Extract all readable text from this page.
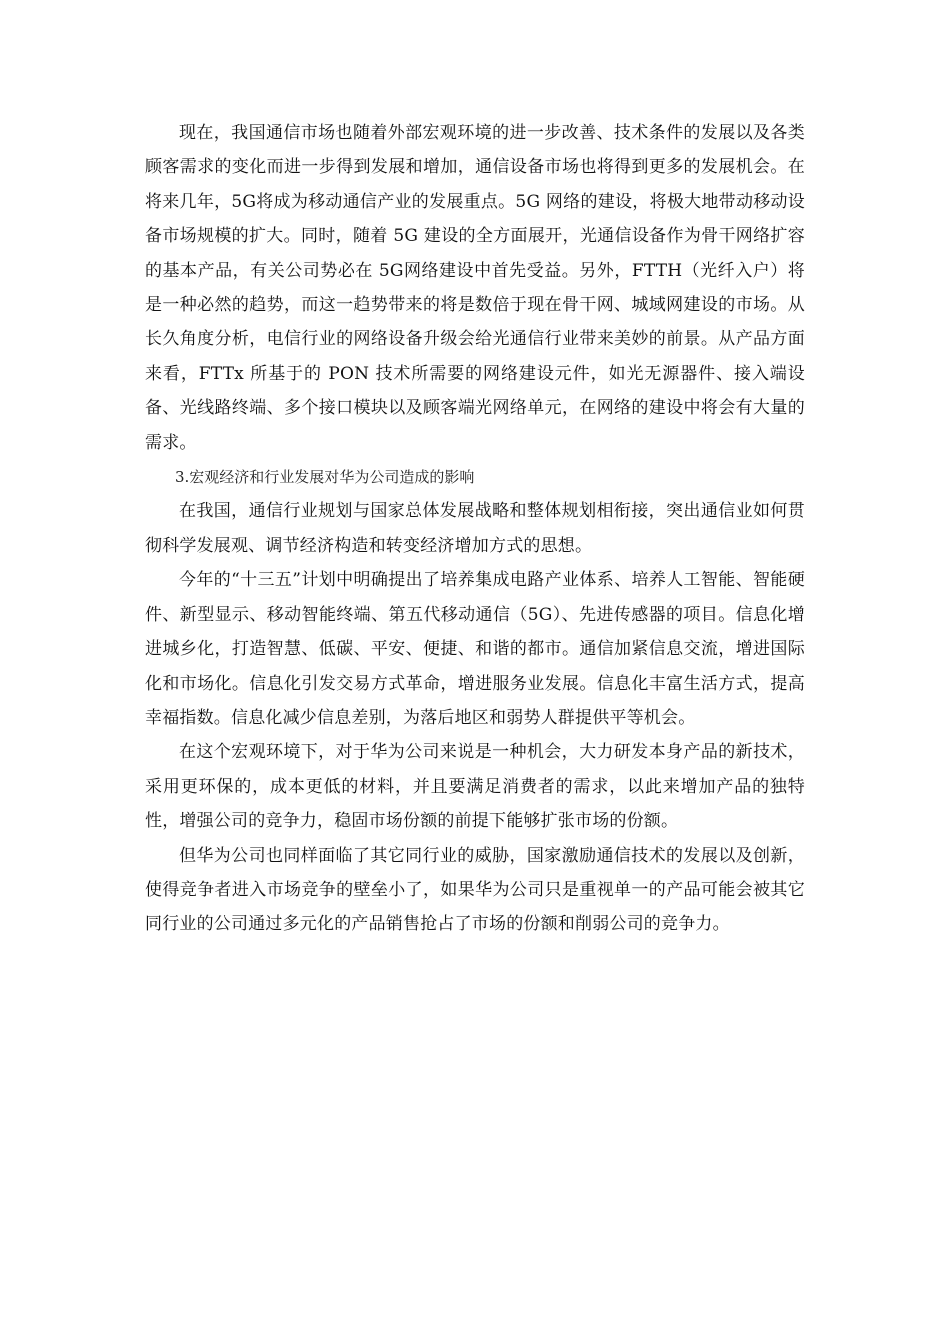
现在，我国通信市场也随着外部宏观环境的进一步改善、技术条件的发展以及各类顾客需求的变化而进一步得到发展和增加，通信设备市场也将得到更多的发展机会。在将来几年，5G将成为移动通信产业的发展重点。5G 网络的建设，将极大地带动移动设备市场规模的扩大。同时，随着 5G 建设的全方面展开，光通信设备作为骨干网络扩容的基本产品，有关公司势必在 5G网络建设中首先受益。另外，FTTH（光纤入户）将是一种必然的趋势，而这一趋势带来的将是数倍于现在骨干网、城域网建设的市场。从长久角度分析，电信行业的网络设备升级会给光通信行业带来美妙的前景。从产品方面来看，FTTx 所基于的 PON 技术所需要的网络建设元件，如光无源器件、接入端设备、光线路终端、多个接口模块以及顾客端光网络单元，在网络的建设中将会有大量的需求。

3.宏观经济和行业发展对华为公司造成的影响

在我国，通信行业规划与国家总体发展战略和整体规划相衔接，突出通信业如何贯彻科学发展观、调节经济构造和转变经济增加方式的思想。

今年的“十三五”计划中明确提出了培养集成电路产业体系、培养人工智能、智能硬件、新型显示、移动智能终端、第五代移动通信（5G）、先进传感器的项目。信息化增进城乡化，打造智慧、低碳、平安、便捷、和谐的都市。通信加紧信息交流，增进国际化和市场化。信息化引发交易方式革命，增进服务业发展。信息化丰富生活方式，提高幸福指数。信息化减少信息差别，为落后地区和弱势人群提供平等机会。

在这个宏观环境下，对于华为公司来说是一种机会，大力研发本身产品的新技术，采用更环保的，成本更低的材料，并且要满足消费者的需求，以此来增加产品的独特性，增强公司的竞争力，稳固市场份额的前提下能够扩张市场的份额。

但华为公司也同样面临了其它同行业的威胁，国家激励通信技术的发展以及创新，使得竞争者进入市场竞争的壁垒小了，如果华为公司只是重视单一的产品可能会被其它同行业的公司通过多元化的产品销售抢占了市场的份额和削弱公司的竞争力。
